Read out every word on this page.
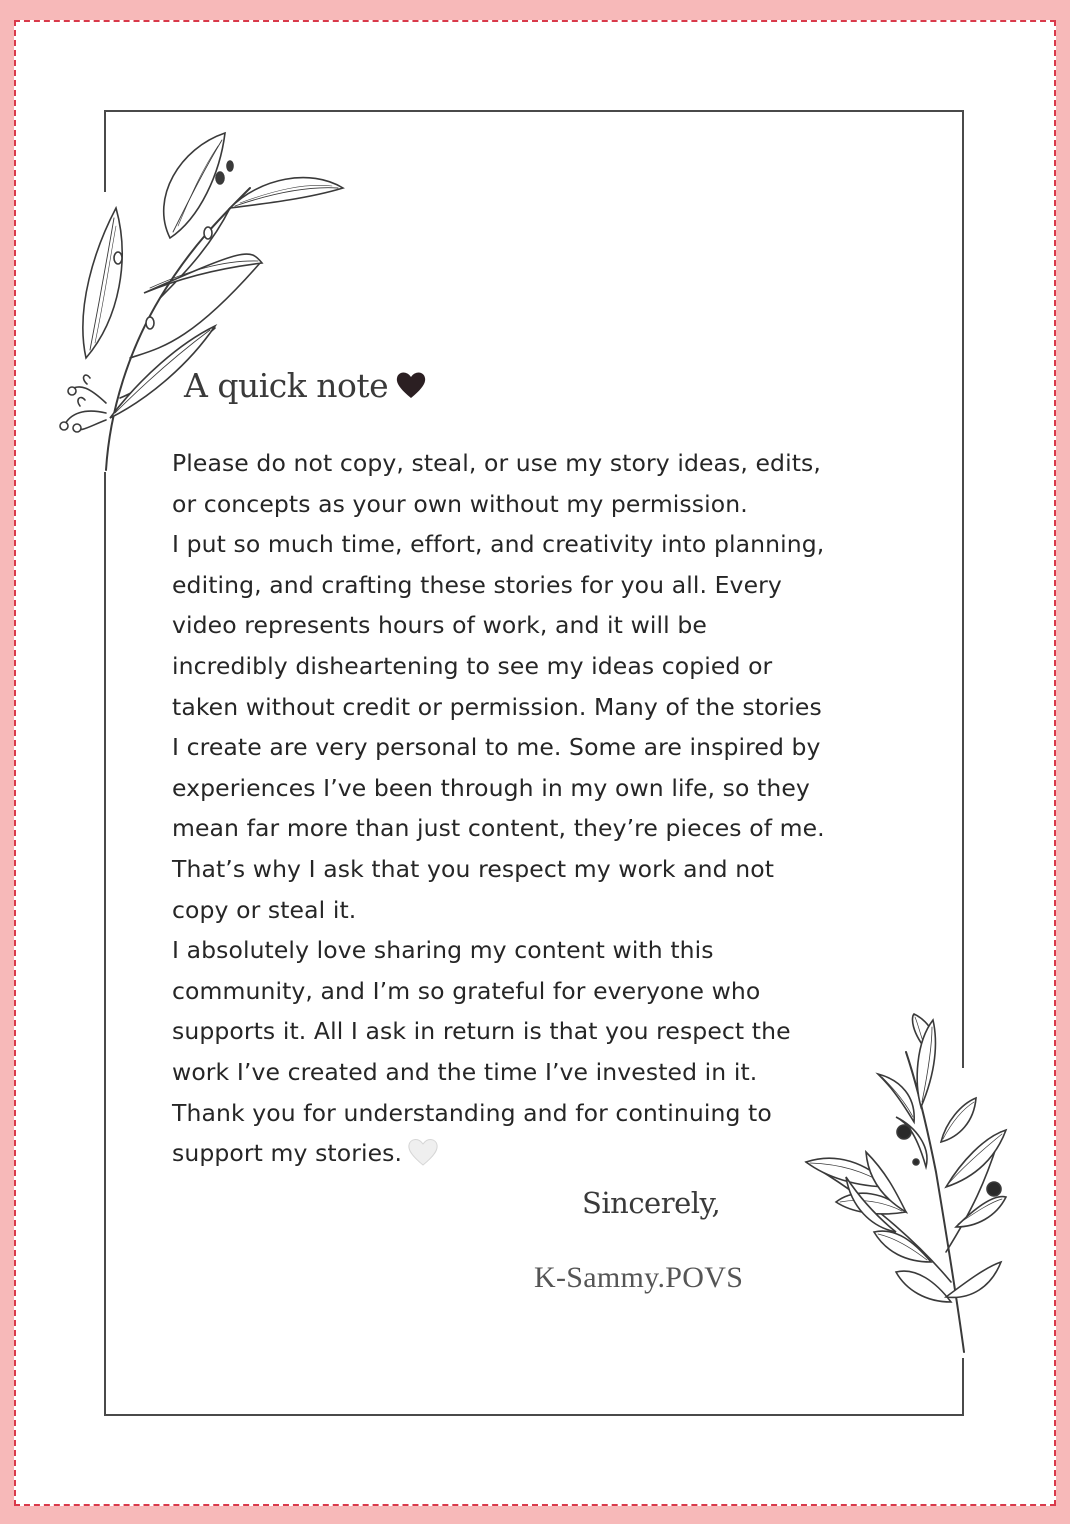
A quick note
Please do not copy, steal, or use my story ideas, edits,
or concepts as your own without my permission.
I put so much time, effort, and creativity into planning,
editing, and crafting these stories for you all. Every
video represents hours of work, and it will be
incredibly disheartening to see my ideas copied or
taken without credit or permission. Many of the stories
I create are very personal to me. Some are inspired by
experiences I’ve been through in my own life, so they
mean far more than just content, they’re pieces of me.
That’s why I ask that you respect my work and not
copy or steal it.
I absolutely love sharing my content with this
community, and I’m so grateful for everyone who
supports it. All I ask in return is that you respect the
work I’ve created and the time I’ve invested in it.
Thank you for understanding and for continuing to
support my stories.
Sincerely,
K-Sammy.POVS
